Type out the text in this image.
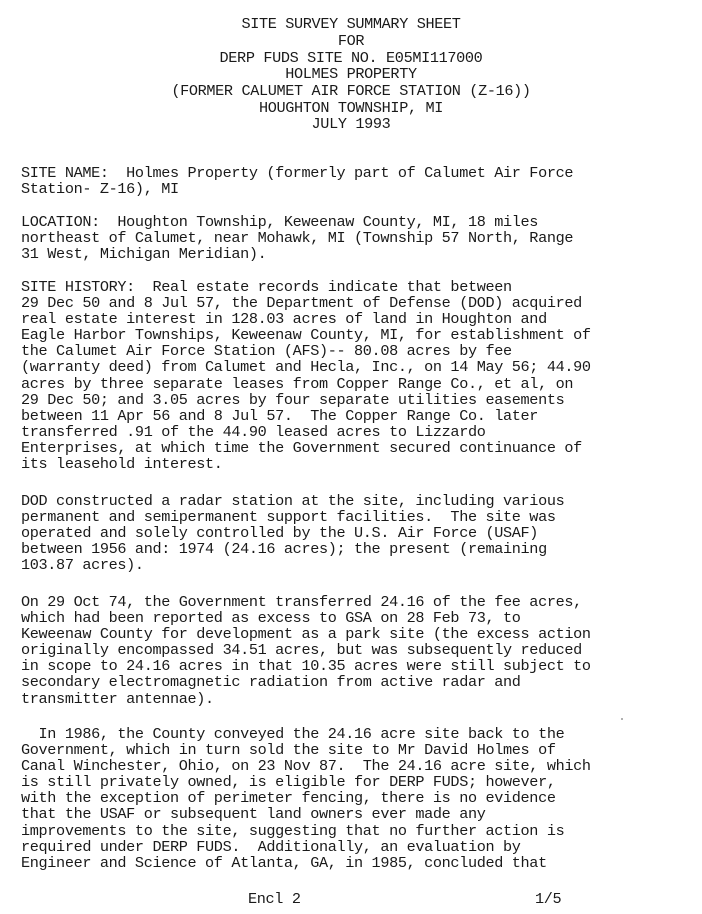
SITE SURVEY SUMMARY SHEET
FOR
DERP FUDS SITE NO. E05MI117000
HOLMES PROPERTY
(FORMER CALUMET AIR FORCE STATION (Z-16))
HOUGHTON TOWNSHIP, MI
JULY 1993
SITE NAME:  Holmes Property (formerly part of Calumet Air Force
Station- Z-16), MI
LOCATION:  Houghton Township, Keweenaw County, MI, 18 miles
northeast of Calumet, near Mohawk, MI (Township 57 North, Range
31 West, Michigan Meridian).
SITE HISTORY:  Real estate records indicate that between
29 Dec 50 and 8 Jul 57, the Department of Defense (DOD) acquired
real estate interest in 128.03 acres of land in Houghton and
Eagle Harbor Townships, Keweenaw County, MI, for establishment of
the Calumet Air Force Station (AFS)-- 80.08 acres by fee
(warranty deed) from Calumet and Hecla, Inc., on 14 May 56; 44.90
acres by three separate leases from Copper Range Co., et al, on
29 Dec 50; and 3.05 acres by four separate utilities easements
between 11 Apr 56 and 8 Jul 57.  The Copper Range Co. later
transferred .91 of the 44.90 leased acres to Lizzardo
Enterprises, at which time the Government secured continuance of
its leasehold interest.
DOD constructed a radar station at the site, including various
permanent and semipermanent support facilities.  The site was
operated and solely controlled by the U.S. Air Force (USAF)
between 1956 and: 1974 (24.16 acres); the present (remaining
103.87 acres).
On 29 Oct 74, the Government transferred 24.16 of the fee acres,
which had been reported as excess to GSA on 28 Feb 73, to
Keweenaw County for development as a park site (the excess action
originally encompassed 34.51 acres, but was subsequently reduced
in scope to 24.16 acres in that 10.35 acres were still subject to
secondary electromagnetic radiation from active radar and
transmitter antennae).
In 1986, the County conveyed the 24.16 acre site back to the
Government, which in turn sold the site to Mr David Holmes of
Canal Winchester, Ohio, on 23 Nov 87.  The 24.16 acre site, which
is still privately owned, is eligible for DERP FUDS; however,
with the exception of perimeter fencing, there is no evidence
that the USAF or subsequent land owners ever made any
improvements to the site, suggesting that no further action is
required under DERP FUDS.  Additionally, an evaluation by
Engineer and Science of Atlanta, GA, in 1985, concluded that
Encl 2	1/5
